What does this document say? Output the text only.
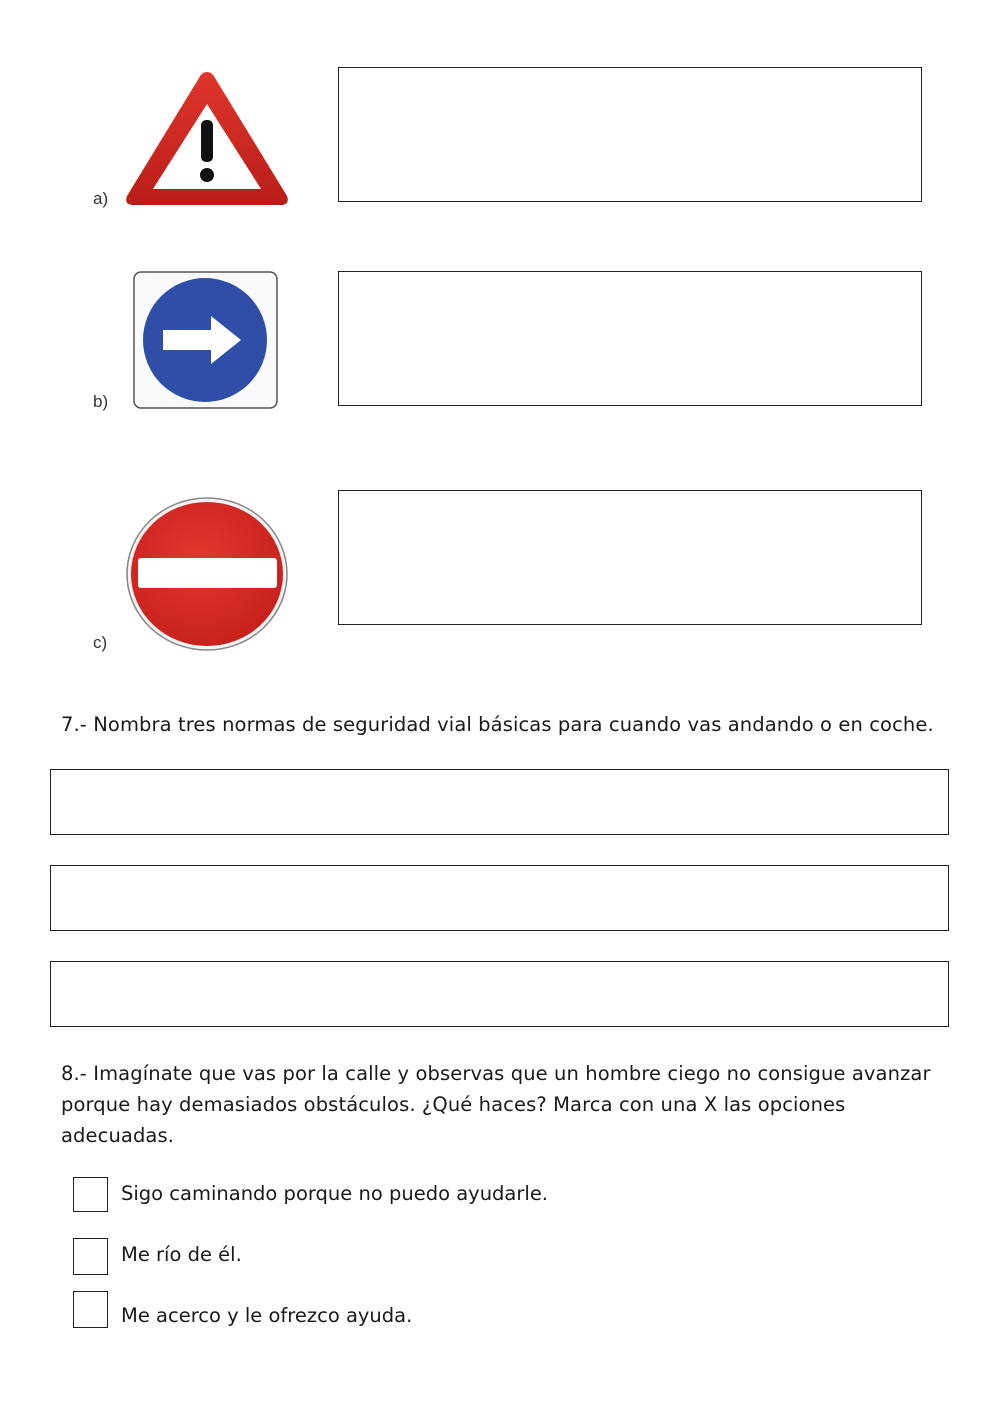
a)
b)
c)
7.- Nombra tres normas de seguridad vial básicas para cuando vas andando o en coche.
8.- Imagínate que vas por la calle y observas que un hombre ciego no consigue avanzar
porque hay demasiados obstáculos. ¿Qué haces? Marca con una X las opciones
adecuadas.
Sigo caminando porque no puedo ayudarle.
Me río de él.
Me acerco y le ofrezco ayuda.
